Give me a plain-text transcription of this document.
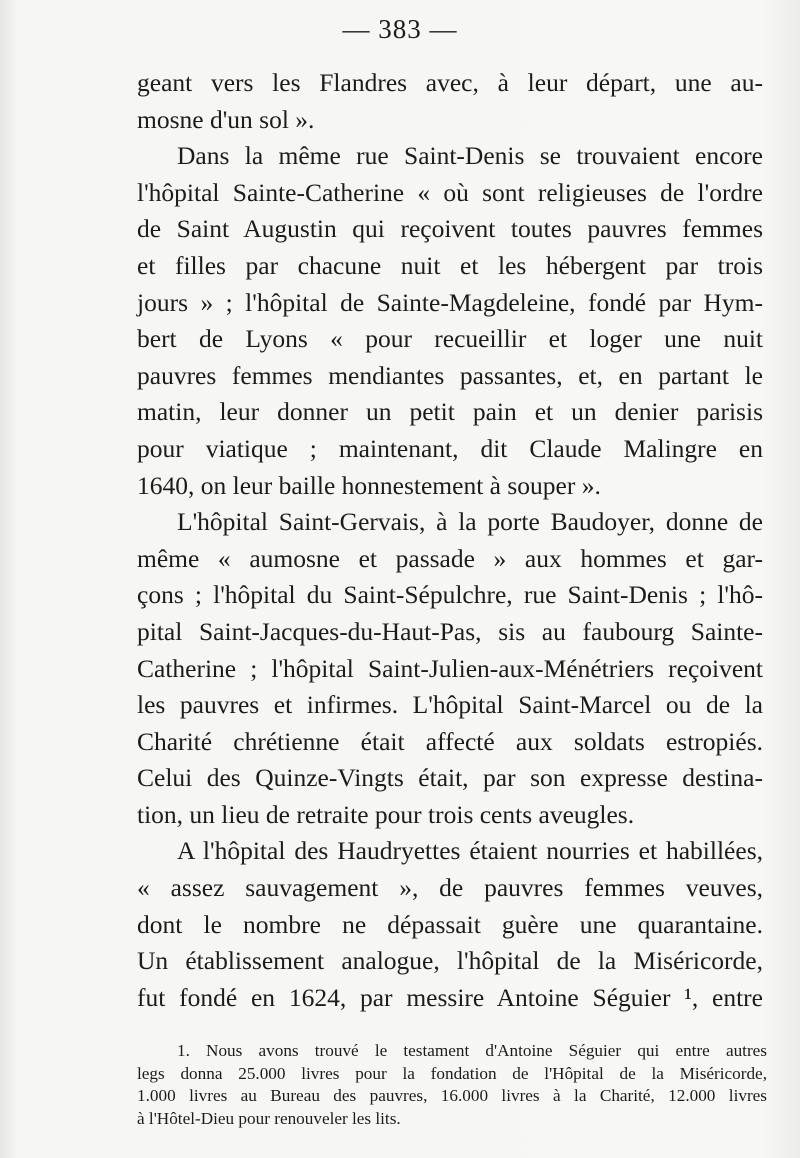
— 383 —
geant vers les Flandres avec, à leur départ, une au-
mosne d'un sol ».
Dans la même rue Saint-Denis se trouvaient encore
l'hôpital Sainte-Catherine « où sont religieuses de l'ordre
de Saint Augustin qui reçoivent toutes pauvres femmes
et filles par chacune nuit et les hébergent par trois
jours » ; l'hôpital de Sainte-Magdeleine, fondé par Hym-
bert de Lyons « pour recueillir et loger une nuit
pauvres femmes mendiantes passantes, et, en partant le
matin, leur donner un petit pain et un denier parisis
pour viatique ; maintenant, dit Claude Malingre en
1640, on leur baille honnestement à souper ».
L'hôpital Saint-Gervais, à la porte Baudoyer, donne de
même « aumosne et passade » aux hommes et gar-
çons ; l'hôpital du Saint-Sépulchre, rue Saint-Denis ; l'hô-
pital Saint-Jacques-du-Haut-Pas, sis au faubourg Sainte-
Catherine ; l'hôpital Saint-Julien-aux-Ménétriers reçoivent
les pauvres et infirmes. L'hôpital Saint-Marcel ou de la
Charité chrétienne était affecté aux soldats estropiés.
Celui des Quinze-Vingts était, par son expresse destina-
tion, un lieu de retraite pour trois cents aveugles.
A l'hôpital des Haudryettes étaient nourries et habillées,
« assez sauvagement », de pauvres femmes veuves,
dont le nombre ne dépassait guère une quarantaine.
Un établissement analogue, l'hôpital de la Miséricorde,
fut fondé en 1624, par messire Antoine Séguier ¹, entre
1. Nous avons trouvé le testament d'Antoine Séguier qui entre autres
legs donna 25.000 livres pour la fondation de l'Hôpital de la Miséricorde,
1.000 livres au Bureau des pauvres, 16.000 livres à la Charité, 12.000 livres
à l'Hôtel-Dieu pour renouveler les lits.
